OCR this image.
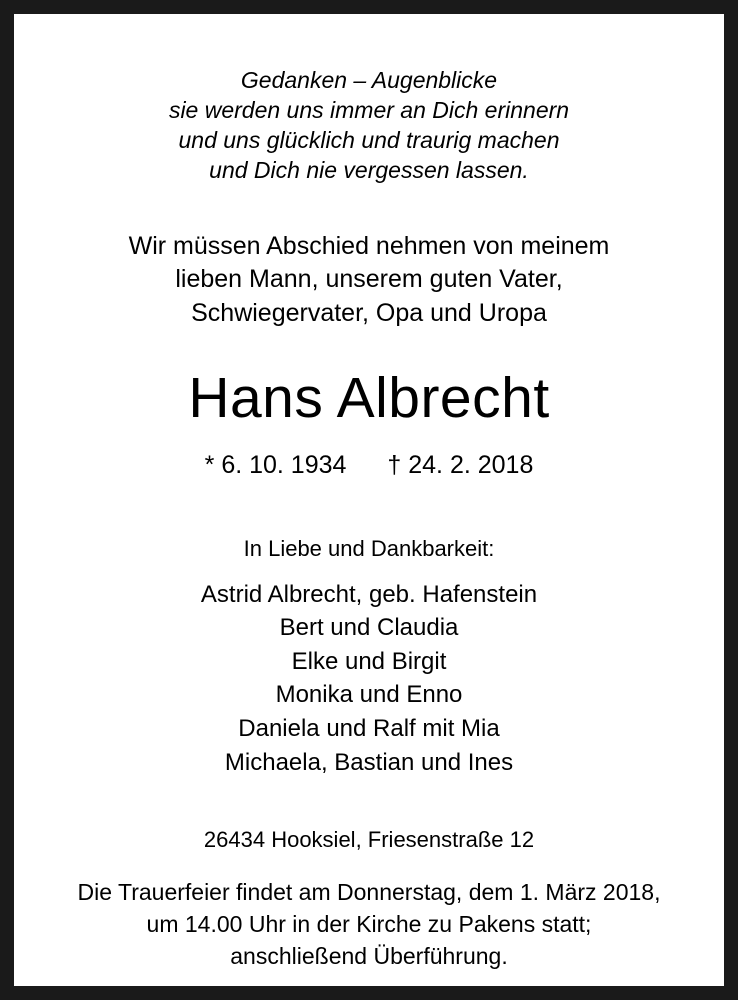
Gedanken – Augenblicke
sie werden uns immer an Dich erinnern
und uns glücklich und traurig machen
und Dich nie vergessen lassen.
Wir müssen Abschied nehmen von meinem
lieben Mann, unserem guten Vater,
Schwiegervater, Opa und Uropa
Hans Albrecht
* 6. 10. 1934 † 24. 2. 2018
In Liebe und Dankbarkeit:
Astrid Albrecht, geb. Hafenstein
Bert und Claudia
Elke und Birgit
Monika und Enno
Daniela und Ralf mit Mia
Michaela, Bastian und Ines
26434 Hooksiel, Friesenstraße 12
Die Trauerfeier findet am Donnerstag, dem 1. März 2018,
um 14.00 Uhr in der Kirche zu Pakens statt;
anschließend Überführung.
